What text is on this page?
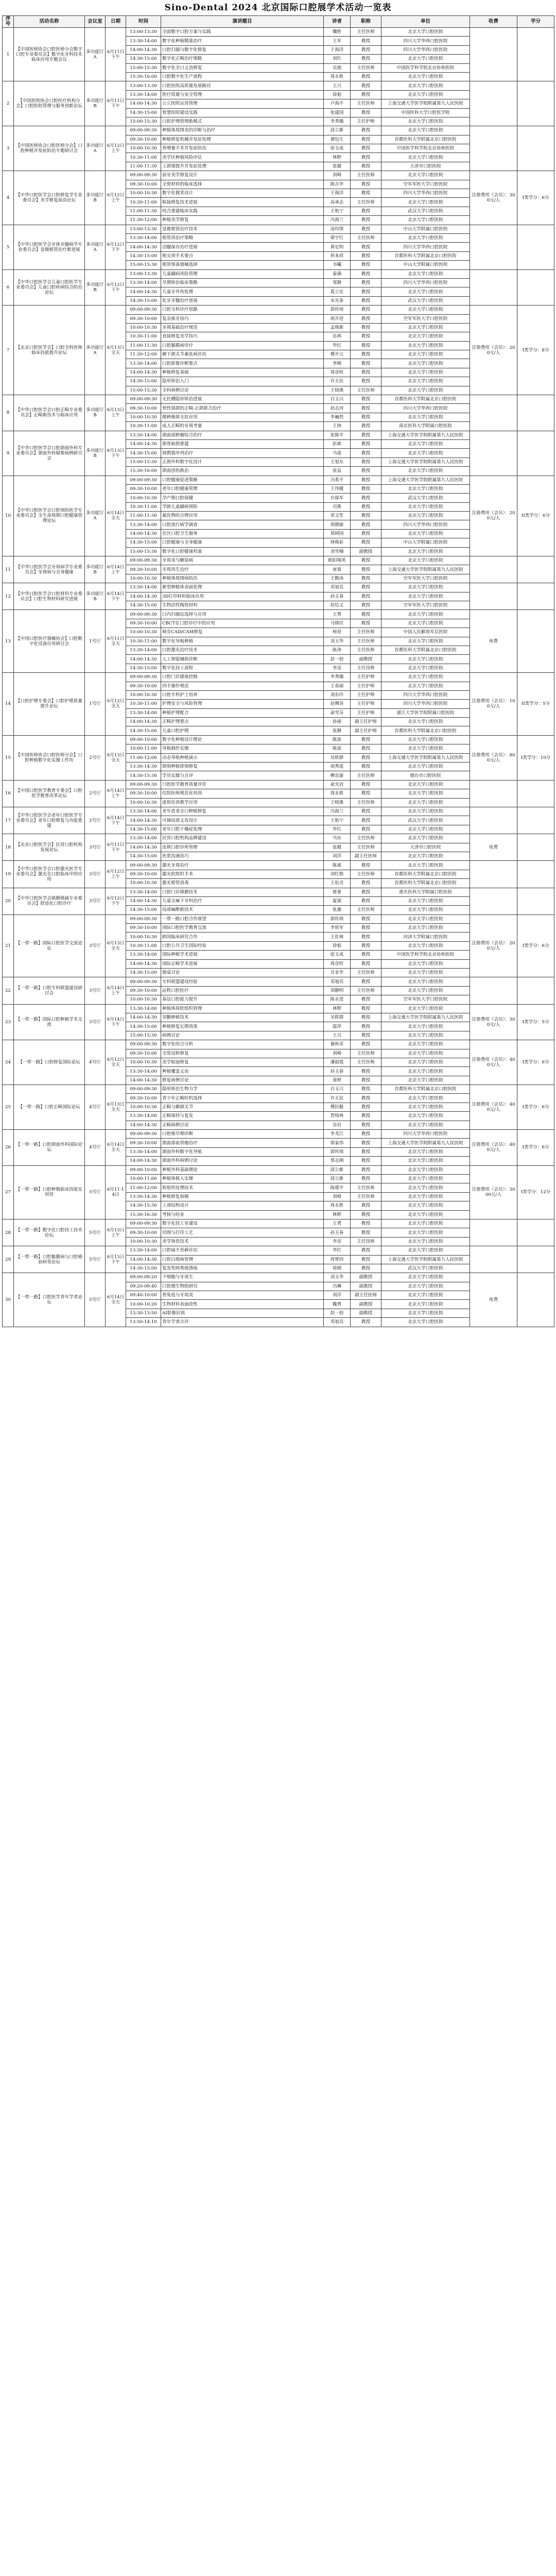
Sino-Dental 2024 北京国际口腔展学术活动一览表
序号	活动名称	会议室	日期	时间	演讲题目	讲者	职称	单位	收费	学分
1	【中国医师协会口腔医师分会数字口腔专业委员会】数字化牙科技术临床应用专题会议	多功能厅A	6月11日下午	13:00-13:30	全面数字口腔方案与实践	魏胜	主任医师	北京大学口腔医院		
				13:30-14:00	数字化种植精准治疗	王军	教授	四川大学华西口腔医院		
				14:00-14:30	口腔扫描与数字化修复	于海洋	教授	四川大学华西口腔医院		
				14:30-15:00	数字化正畸治疗策略	刘红	教授	北京大学口腔医院		
				15:00-15:30	数字化全口义齿修复	吴超	主任医师	中国医学科学院北京协和医院		
				15:30-16:00	口腔数字化生产流程	周永胜	教授	北京大学口腔医院		
2	【中国医院协会口腔医疗机构分会】口腔医院管理与服务创新论坛	多功能厅B	6月11日下午	13:00-13:30	口腔医院高质量发展路径	王兴	教授	北京大学口腔医院		
				13:30-14:00	医疗质量与安全管理	徐韬	教授	北京大学口腔医院		
				14:00-14:30	公立医院运营管理	卢海平	主任医师	上海交通大学医学院附属第九人民医院		
				14:30-15:00	智慧医院建设实践	张建国	教授	中国医科大学口腔医学院		
				15:00-15:30	口腔护理管理新模式	李秀娥	主任护师	北京大学口腔医院		
3	【中国医师协会口腔医师分会】口腔种植并发症防治专题研讨会	多功能厅A	6月12日上午	09:00-09:30	种植体周围炎的诊断与治疗	邱立新	教授	北京大学口腔医院		
				09:30-10:00	种植修复机械并发症处理	谭包生	教授	首都医科大学附属北京口腔医院		
				10:00-10:30	骨增量手术并发症防治	宿玉成	教授	中国医学科学院北京协和医院		
				10:30-11:00	美学区种植风险评估	林野	教授	北京大学口腔医院		
				11:00-11:30	上颌窦提升并发症处理	张健	教授	天津市口腔医院		
4	【中华口腔医学会口腔修复学专业委员会】美学修复前沿论坛	多功能厅B	6月12日上午	09:00-09:30	前牙美学修复设计	刘峰	主任医师	北京大学口腔医院	注册费用（会员）：300元/人	I类学分：6分
				09:30-10:00	全瓷材料的临床选择	陈吉华	教授	空军军医大学口腔医院		
				10:00-10:30	数字化微笑设计	于海洋	教授	四川大学华西口腔医院		
				10:30-11:00	粘接修复技术进展	高承志	主任医师	北京大学口腔医院		
				11:00-11:30	咬合重建临床实践	王贻宁	教授	武汉大学口腔医院		
				11:30-12:00	种植美学修复	冯海兰	教授	北京大学口腔医院		
5	【中华口腔医学会牙体牙髓病学专业委员会】显微根管治疗新进展	多功能厅A	6月12日下午	13:00-13:30	显微根管治疗技术	凌均棨	教授	中山大学附属口腔医院		
				13:30-14:00	根管再治疗策略	梁宇红	主任医师	北京大学口腔医院		
				14:00-14:30	活髓保存治疗进展	黄定明	教授	四川大学华西口腔医院		
				14:30-15:00	根尖周手术要点	侯本祥	教授	首都医科大学附属北京口腔医院		
				15:00-15:30	根管预备器械选择	韦曦	教授	中山大学附属口腔医院		
6	【中华口腔医学会儿童口腔医学专业委员会】儿童口腔疾病综合防治论坛	多功能厅B	6月12日下午	13:00-13:30	儿童龋病风险管理	秦满	教授	北京大学口腔医院		
				13:30-14:00	早期矫治临床策略	邹静	教授	四川大学华西口腔医院		
				14:00-14:30	儿童牙外伤处理	葛立宏	教授	北京大学口腔医院		
				14:30-15:00	乳牙牙髓治疗进展	宋光泰	教授	武汉大学口腔医院		
7	【北京口腔医学会】口腔全科医师临床技能提升论坛	多功能厅A	6月13日全天	09:00-09:30	口腔全科诊疗思路	郭传瑸	教授	北京大学口腔医院	注册费用（会员）：200元/人	I类学分：8分
				09:30-10:00	复杂拔牙技巧	胡开进	教授	空军军医大学口腔医院		
				10:00-10:30	牙周基础治疗规范	孟焕新	教授	北京大学口腔医院		
				10:30-11:00	直接修复美学技巧	岳林	教授	北京大学口腔医院		
				11:00-11:30	口腔黏膜病诊疗	华红	教授	北京大学口腔医院		
				11:30-12:00	颞下颌关节紊乱病诊治	傅开元	教授	北京大学口腔医院		
				13:30-14:00	口腔影像诊断要点	李刚	教授	北京大学口腔医院		
				14:00-14:30	种植修复基础	周彦恒	教授	北京大学口腔医院		
				14:30-15:00	隐形矫治入门	许天民	教授	北京大学口腔医院		
				15:00-15:30	全科病例讨论	王晓燕	主任医师	北京大学口腔医院		
8	【中华口腔医学会口腔正畸专业委员会】正畸新技术与临床应用	多功能厅B	6月13日上午	09:00-09:30	无托槽隐形矫治进展	白玉兴	教授	首都医科大学附属北京口腔医院		
				09:30-10:00	骨性错颌的正畸-正颌联合治疗	赵志河	教授	四川大学华西口腔医院		
				10:00-10:30	微种植体支抗应用	李巍然	教授	北京大学口腔医院		
				10:30-11:00	成人正畸的牙周考量	王林	教授	南京医科大学附属口腔医院		
9	【中华口腔医学会口腔颌面外科专业委员会】颌面外科疑难病例研讨会	多功能厅B	6月13日下午	13:30-14:00	颌面部肿瘤综合治疗	张陈平	教授	上海交通大学医学院附属第九人民医院		
				14:00-14:30	颌骨缺损重建	彭歆	教授	北京大学口腔医院		
				14:30-15:00	唇腭裂序列治疗	马莲	教授	北京大学口腔医院		
				15:00-15:30	正颌外科数字化设计	王旭东	教授	上海交通大学医学院附属第九人民医院		
				15:30-16:00	颌面创伤救治	张益	教授	北京大学口腔医院		
10	【中华口腔医学会口腔预防医学专业委员会】全生命周期口腔健康管理论坛	多功能厅A	6月14日全天	09:00-09:30	口腔健康促进策略	冯希平	教授	上海交通大学医学院附属第九人民医院	注册费用（会员）：200元/人	II类学分：6分
				09:30-10:00	老年口腔健康管理	王伟健	教授	北京大学口腔医院		
				10:00-10:30	孕产期口腔保健	台保军	教授	武汉大学口腔医院		
				10:30-11:00	学龄儿童龋病预防	司燕	教授	北京大学口腔医院		
				11:00-11:30	氟化物的合理应用	荣文笙	教授	北京大学口腔医院		
				13:30-14:00	口腔流行病学调查	胡德渝	教授	四川大学华西口腔医院		
				14:00-14:30	社区口腔卫生服务	郑树国	教授	北京大学口腔医院		
				14:30-15:00	口腔健康与全身健康	林焕彩	教授	中山大学附属口腔医院		
				15:00-15:30	数字化口腔健康档案	刘雪楠	副教授	北京大学口腔医院		
11	【中华口腔医学会牙周病学专业委员会】牙周病与全身健康	多功能厅B	6月14日上午	09:00-09:30	牙周炎与糖尿病	欧阳翔英	教授	北京大学口腔医院		
				09:30-10:00	牙周再生治疗	束蓉	教授	上海交通大学医学院附属第九人民医院		
				10:00-10:30	种植体周围病防治	王勤涛	教授	空军军医大学口腔医院		
12	【中华口腔医学会口腔材料专业委员会】口腔生物材料研究进展	多功能厅B	6月14日下午	13:30-14:00	新型种植体表面处理	邓旭亮	教授	北京大学口腔医院		
				14:00-14:30	3D打印材料临床应用	孙玉春	教授	北京大学口腔医院		
				14:30-15:00	生物活性陶瓷材料	赵信义	教授	空军军医大学口腔医院		
13	【中国口腔医疗器械协会】口腔数字化设备应用研讨会	1号厅	6月11日全天	09:00-09:30	口内扫描仪选择与应用	王勇	教授	北京大学口腔医院	免费	
				09:30-10:00	CBCT在口腔诊疗中的应用	马绪臣	教授	北京大学口腔医院		
				10:00-10:30	椅旁CAD/CAM修复	杨坚	主任医师	中国人民解放军总医院		
				10:30-11:00	数字化导板种植	刘玉华	主任医师	北京大学口腔医院		
				13:30-14:00	口腔激光治疗技术	陈涛	主任医师	首都医科大学附属北京口腔医院		
				14:00-14:30	人工智能辅助诊断	赵一姣	副教授	北京大学口腔医院		
				14:30-15:00	数字化技工流程	李彦	主任技师	北京大学口腔医院		
14	【口腔护理专委会】口腔护理质量提升论坛	1号厅	6月12日全天	09:00-09:30	口腔门诊感染控制	李秀娥	主任护师	北京大学口腔医院	注册费用（会员）：100元/人	II类学分：5分
				09:30-10:00	四手操作规范	王春丽	主任护师	北京大学口腔医院		
				10:00-10:30	口腔专科护士培养	刘东玲	主任护师	四川大学华西口腔医院		
				10:30-11:00	护理安全与风险管理	赵佛容	主任护师	四川大学华西口腔医院		
				13:30-14:00	种植护理配合	俞雪芬	主任护师	浙江大学医学院附属口腔医院		
				14:00-14:30	正畸护理要点	孙丽	副主任护师	北京大学口腔医院		
				14:30-15:00	儿童口腔护理	张静	副主任护师	首都医科大学附属北京口腔医院		
15	【中国医师协会口腔医师分会】口腔种植数字化实操工作坊	2号厅	6月13日全天	09:00-10:00	数字化种植设计理论	陈波	教授	北京大学口腔医院	注册费用（会员）：800元/人	I类学分：10分
				10:00-11:00	导板制作实操	陈波	教授	北京大学口腔医院		
				11:00-12:00	动态导航种植演示	吴轶群	教授	上海交通大学医学院附属第九人民医院		
				13:30-14:30	即刻种植即刻修复	胡秀莲	教授	北京大学口腔医院		
				14:30-15:30	学员实操与点评	柳忠豪	主任医师	烟台市口腔医院		
16	【中国口腔医学教育专委会】口腔医学教育改革论坛	2号厅	6月14日上午	09:00-09:30	口腔医学教育质量评价	俞光岩	教授	北京大学口腔医院		
				09:30-10:00	住院医师规范化培训	周永胜	教授	北京大学口腔医院		
				10:00-10:30	虚拟仿真教学应用	王晓燕	主任医师	北京大学口腔医院		
17	【中华口腔医学会老年口腔医学专业委员会】老年口腔修复与功能重建	2号厅	6月14日下午	13:30-14:00	老年患者全口种植修复	冯海兰	教授	北京大学口腔医院		
				14:00-14:30	可摘局部义齿设计	王贻宁	教授	武汉大学口腔医院		
				14:30-15:00	老年口腔干燥症处理	华红	教授	北京大学口腔医院		
18	【北京口腔医学会】民营口腔机构发展论坛	3号厅	6月11日下午	13:30-14:00	民营口腔机构品牌建设	马东	主任医师	北京大学口腔医院	免费	
				14:00-14:30	连锁口腔诊所管理	张健	主任医师	天津市口腔医院		
				14:30-15:00	医患沟通技巧	刘洋	副主任医师	北京大学口腔医院		
19	【中华口腔医学会口腔激光医学专业委员会】激光在口腔临床中的应用	3号厅	6月12日上午	09:00-09:30	激光牙周治疗	陈斌	教授	北京大学口腔医院		
				09:30-10:00	激光软组织手术	刘红艳	主任医师	首都医科大学附属北京口腔医院		
				10:00-10:30	激光根管消毒	王松灵	教授	首都医科大学附属北京口腔医院		
20	【中华口腔医学会镇静镇痛专业委员会】舒适化口腔诊疗	3号厅	6月12日下午	13:30-14:00	口腔门诊镇静技术	郁葱	教授	重庆医科大学附属口腔医院		
				14:00-14:30	儿童全麻下牙科治疗	夏斌	教授	北京大学口腔医院		
				14:30-15:00	局部麻醉新技术	张惠	主任医师	北京大学口腔医院		
21	【一带一路】国际口腔医学交流论坛	3号厅	6月13日全天	09:00-09:30	一带一路口腔合作展望	郭传瑸	教授	北京大学口腔医院	注册费用（会员）：200元/人	I类学分：6分
				09:30-10:00	国际口腔医学教育交流	李铁军	教授	北京大学口腔医院		
				10:00-10:30	跨国临床研究合作	王佐林	教授	同济大学附属口腔医院		
				10:30-11:00	口腔公共卫生国际经验	徐韬	教授	北京大学口腔医院		
				13:30-14:00	国际种植学术进展	宿玉成	教授	中国医学科学院北京协和医院		
				14:00-14:30	国际正畸学术进展	周彦恒	教授	北京大学口腔医院		
				14:30-15:00	圆桌讨论	甘业华	主任医师	北京大学口腔医院		
22	【一带一路】口腔专科联盟建设研讨会	3号厅	6月14日上午	09:00-09:30	专科联盟建设经验	邓旭亮	教授	北京大学口腔医院		
				09:30-10:00	远程口腔医疗	刘静明	主任医师	北京大学口腔医院		
				10:00-10:30	基层口腔能力提升	陈永进	教授	空军军医大学口腔医院		
23	【一带一路】国际口腔种植学术交流	3号厅	6月14日下午	13:30-14:00	种植体周软组织管理	林野	教授	北京大学口腔医院	注册费用（会员）：300元/人	I类学分：5分
				14:00-14:30	穿颧种植技术	吴轶群	教授	上海交通大学医学院附属第九人民医院		
				14:30-15:00	种植修复长期效果	邸萍	教授	北京大学口腔医院		
				15:00-15:30	病例讨论	王兴	教授	北京大学口腔医院		
24	【一带一路】口腔修复国际论坛	4号厅	6月12日全天	09:00-09:30	数字化咬合分析	谢秋菲	教授	北京大学口腔医院	注册费用（会员）：400元/人	I类学分：6分
				09:30-10:00	全瓷冠桥修复	刘峰	主任医师	北京大学口腔医院		
				10:00-10:30	美学贴面修复	潘韶霞	主任医师	北京大学口腔医院		
				13:30-14:00	种植覆盖义齿	孙玉春	教授	北京大学口腔医院		
				14:00-14:30	修复病例讨论	姜婷	教授	北京大学口腔医院		
25	【一带一路】口腔正畸国际论坛	4号厅	6月13日全天	09:00-09:30	隐形矫治生物力学	白玉兴	教授	首都医科大学附属北京口腔医院	注册费用（会员）：400元/人	I类学分：6分
				09:30-10:00	青少年正畸时机选择	许天民	教授	北京大学口腔医院		
				10:00-10:30	正畸与颞颌关节	傅民魁	教授	北京大学口腔医院		
				13:30-14:00	正畸保持与复发	贾绮林	教授	北京大学口腔医院		
				14:00-14:30	正畸病例讨论	谷岩	教授	北京大学口腔医院		
26	【一带一路】口腔颌面外科国际论坛	4号厅	6月14日全天	09:00-09:30	口腔癌早期诊断	李龙江	教授	四川大学华西口腔医院	注册费用（会员）：400元/人	I类学分：6分
				09:30-10:00	颌面部血管瘤治疗	郑家伟	教授	上海交通大学医学院附属第九人民医院		
				13:30-14:00	颌面外科数字化导航	郭传瑸	教授	北京大学口腔医院		
				14:00-14:30	颌面外科病例讨论	蔡志刚	教授	北京大学口腔医院		
27	【一带一路】口腔种植临床技能实训营	5号厅	6月11-14日	09:00-10:00	种植外科基础理论	邱立新	教授	北京大学口腔医院	注册费用（会员）：3000元/人	I类学分：12分
				10:00-11:00	种植体植入实操	邱立新	教授	北京大学口腔医院		
				11:00-12:00	软组织处理技术	陈德平	主任医师	北京大学口腔医院		
				13:30-14:30	种植修复取模	刘峰	主任医师	北京大学口腔医院		
				14:30-15:30	上部结构设计	周永胜	教授	北京大学口腔医院		
				15:30-16:30	考核与结业	林野	教授	北京大学口腔医院		
28	【一带一路】数字化口腔技工技术论坛	5号厅	6月13日上午	09:00-09:30	数字化技工室建设	王勇	教授	北京大学口腔医院		
				09:30-10:00	切削与打印工艺	孙玉春	教授	北京大学口腔医院		
				10:00-10:30	美学饰瓷技术	李彦	主任技师	北京大学口腔医院		
29	【一带一路】口腔黏膜病与口腔癌前病变论坛	5号厅	6月13日下午	13:30-14:00	口腔扁平苔藓诊治	华红	教授	北京大学口腔医院		
				14:00-14:30	口腔白斑病管理	周曾同	教授	上海交通大学医学院附属第九人民医院		
				14:30-15:00	复发性阿弗他溃疡	周刚	教授	武汉大学口腔医院		
30	【一带一路】口腔医学青年学者论坛	5号厅	6月14日全天	09:00-09:20	干细胞与牙再生	刘玉华	副教授	北京大学口腔医院	免费	
				09:20-09:40	口腔微生物组研究	冯琳	副教授	北京大学口腔医院		
				09:40-10:00	骨免疫与牙周炎	刘洋	副主任医师	北京大学口腔医院		
				10:00-10:20	生物材料表面改性	魏勇	副教授	北京大学口腔医院		
				13:30-13:50	AI影像识别	赵一姣	副教授	北京大学口腔医院		
				13:50-14:10	青年学者点评	邓旭亮	教授	北京大学口腔医院		
